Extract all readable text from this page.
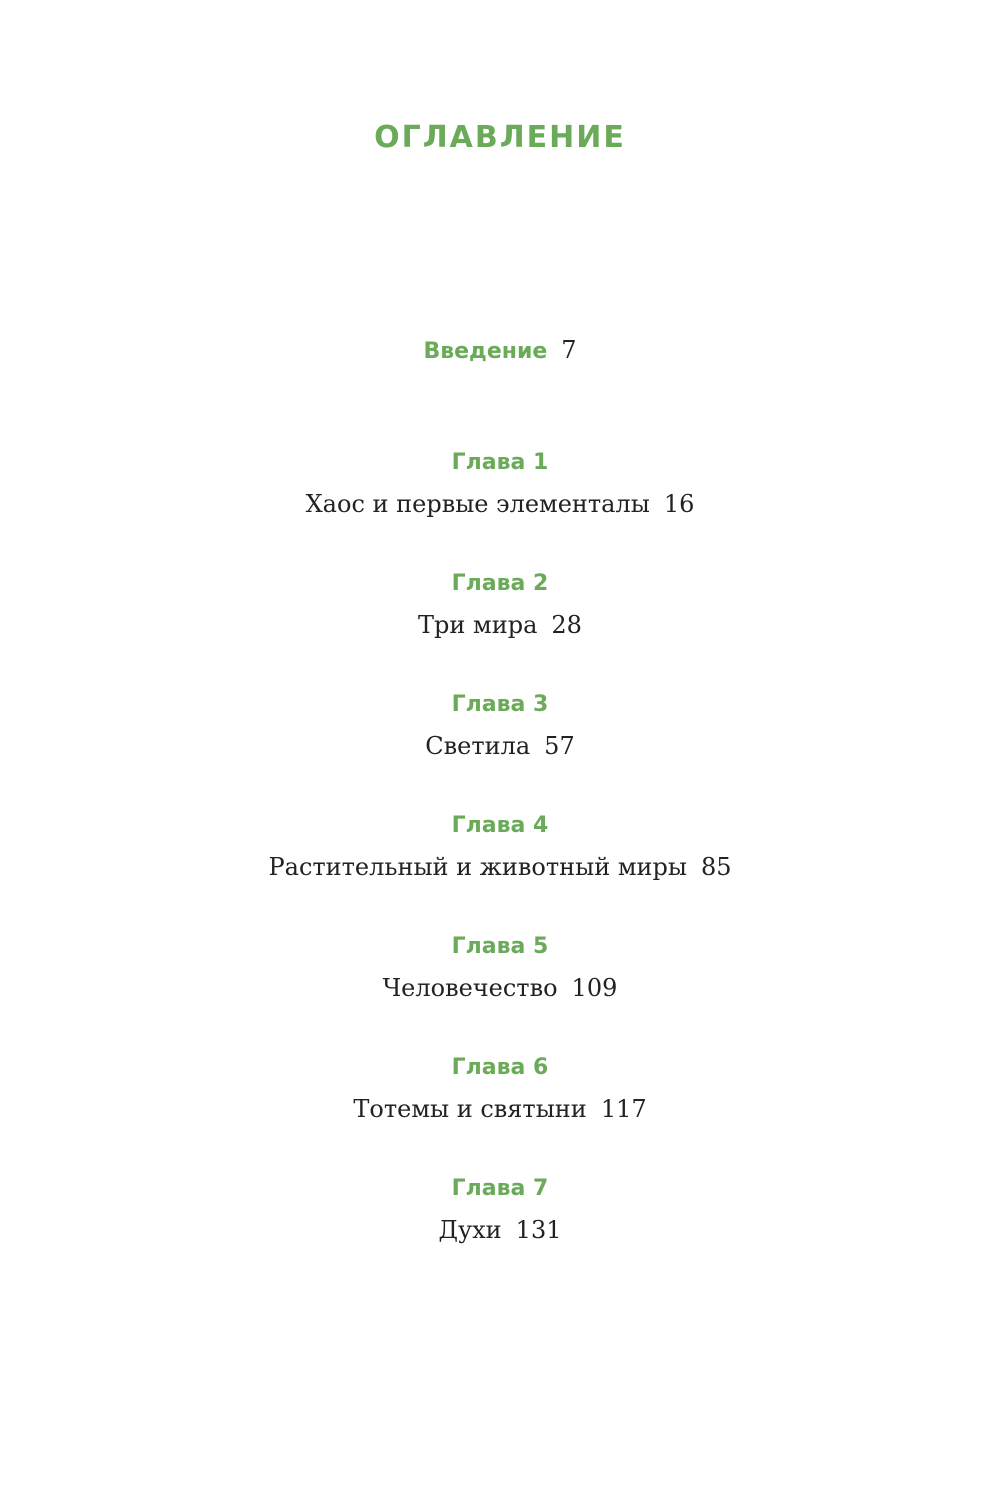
ОГЛАВЛЕНИЕ
Введение 7
Глава 1
Хаос и первые элементалы 16
Глава 2
Три мира 28
Глава 3
Светила 57
Глава 4
Растительный и животный миры 85
Глава 5
Человечество 109
Глава 6
Тотемы и святыни 117
Глава 7
Духи 131
